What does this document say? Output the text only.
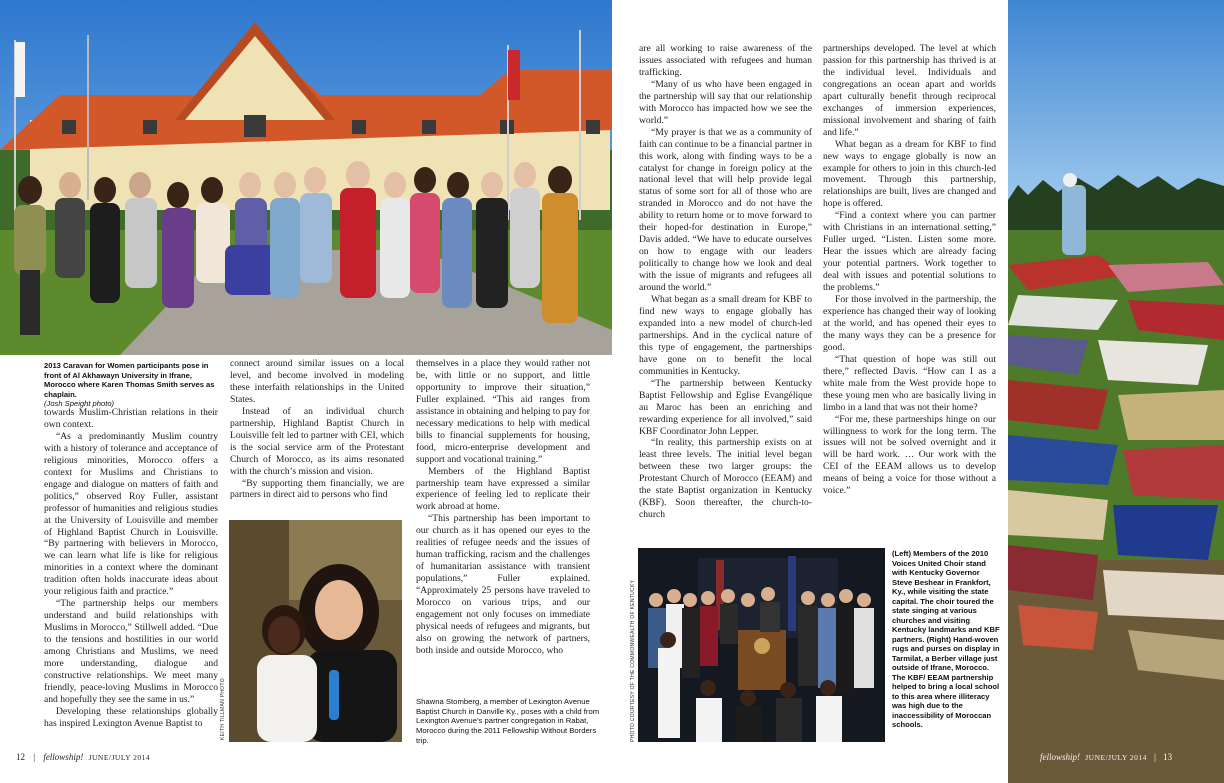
2013 Caravan for Women participants pose in front of Al Akhawayn University in Ifrane, Morocco where Karen Thomas Smith serves as chaplain.
(Josh Speight photo)

towards Muslim-Christian relations in their own context.

“As a predominantly Muslim country with a history of tolerance and acceptance of religious minorities, Morocco offers a context for Muslims and Christians to engage and dialogue on matters of faith and politics,” observed Roy Fuller, assistant professor of humanities and religious studies at the University of Louisville and member of Highland Baptist Church in Louisville. “By partnering with believers in Morocco, we can learn what life is like for religious minorities in a context where the dominant tradition often holds inaccurate ideas about your religious faith and practice.”

“The partnership helps our members understand and build relationships with Muslims in Morocco,” Stillwell added. “Due to the tensions and hostilities in our world among Christians and Muslims, we need more understanding, dialogue and constructive relationships. We meet many friendly, peace-loving Muslims in Morocco and hopefully they see the same in us.”

Developing these relationships globally has inspired Lexington Avenue Baptist to

connect around similar issues on a local level, and become involved in modeling these interfaith relationships in the United States.

Instead of an individual church partnership, Highland Baptist Church in Louisville felt led to partner with CEI, which is the social service arm of the Protestant Church of Morocco, as its aims resonated with the church’s mission and vision.

“By supporting them financially, we are partners in direct aid to persons who find

themselves in a place they would rather not be, with little or no support, and little opportunity to improve their situation,” Fuller explained. “This aid ranges from assistance in obtaining and helping to pay for necessary medications to help with medical bills to financial supplements for housing, food, micro-enterprise development and support and vocational training.”

Members of the Highland Baptist partnership team have expressed a similar experience of feeling led to replicate their work abroad at home.

“This partnership has been important to our church as it has opened our eyes to the realities of refugee needs and the issues of human trafficking, racism and the challenges of humanitarian assistance with transient populations,” Fuller explained. “Approximately 25 persons have traveled to Morocco on various trips, and our engagement not only focuses on immediate physical needs of refugees and migrants, but also on growing the network of partners, both inside and outside Morocco, who

KEITH TILLMAN PHOTO	Shawna Stomberg, a member of Lexington Avenue Baptist Church in Danville Ky., poses with a child from Lexington Avenue’s partner congregation in Rabat, Morocco during the 2011 Fellowship Without Borders trip.
12 | fellowship! JUNE/JULY 2014

are all working to raise awareness of the issues associated with refugees and human trafficking.

“Many of us who have been engaged in the partnership will say that our relationship with Morocco has impacted how we see the world.”

“My prayer is that we as a community of faith can continue to be a financial partner in this work, along with finding ways to be a catalyst for change in foreign policy at the national level that will help provide legal status of some sort for all of those who are stranded in Morocco and do not have the ability to return home or to move forward to their hoped-for destination in Europe,” Davis added. “We have to educate ourselves on how to engage with our leaders politically to change how we look and deal with the issue of migrants and refugees all around the world.”

What began as a small dream for KBF to find new ways to engage globally has expanded into a new model of church-led partnerships. And in the cyclical nature of this type of engagement, the partnerships have gone on to benefit the local communities in Kentucky.

“The partnership between Kentucky Baptist Fellowship and Eglise Evangélique au Maroc has been an enriching and rewarding experience for all involved,” said KBF Coordinator John Lepper.

“In reality, this partnership exists on at least three levels. The initial level began between these two larger groups: the Protestant Church of Morocco (EEAM) and the state Baptist organization in Kentucky (KBF). Soon thereafter, the church-to-church

partnerships developed. The level at which passion for this partnership has thrived is at the individual level. Individuals and congregations an ocean apart and worlds apart culturally benefit through reciprocal exchanges of immersion experiences, missional involvement and sharing of faith and life.”

What began as a dream for KBF to find new ways to engage globally is now an example for others to join in this church-led movement. Through this partnership, relationships are built, lives are changed and hope is offered.

“Find a context where you can partner with Christians in an international setting,” Fuller urged. “Listen. Listen some more. Hear the issues which are already facing your potential partners. Work together to deal with issues and potential solutions to the problems.”

For those involved in the partnership, the experience has changed their way of looking at the world, and has opened their eyes to the many ways they can be a presence for good.

“That question of hope was still out there,” reflected Davis. “How can I as a white male from the West provide hope to these young men who are basically living in limbo in a land that was not their home?

“For me, these partnerships hinge on our willingness to work for the long term. The issues will not be solved overnight and it will be hard work. … Our work with the CEI of the EEAM allows us to develop means of being a voice for those without a voice.”

PHOTO COURTESY OF THE COMMONWEALTH OF KENTUCKY
(Left) Members of the 2010 Voices United Choir stand with Kentucky Governor Steve Beshear in Frankfort, Ky., while visiting the state capital. The choir toured the state singing at various churches and visiting Kentucky landmarks and KBF partners. (Right) Hand-woven rugs and purses on display in Tarmilat, a Berber village just outside of Ifrane, Morocco. The KBF/ EEAM partnership helped to bring a local school to this area where illiteracy was high due to the inaccessibility of Moroccan schools.
fellowship! JUNE/JULY 2014 | 13
